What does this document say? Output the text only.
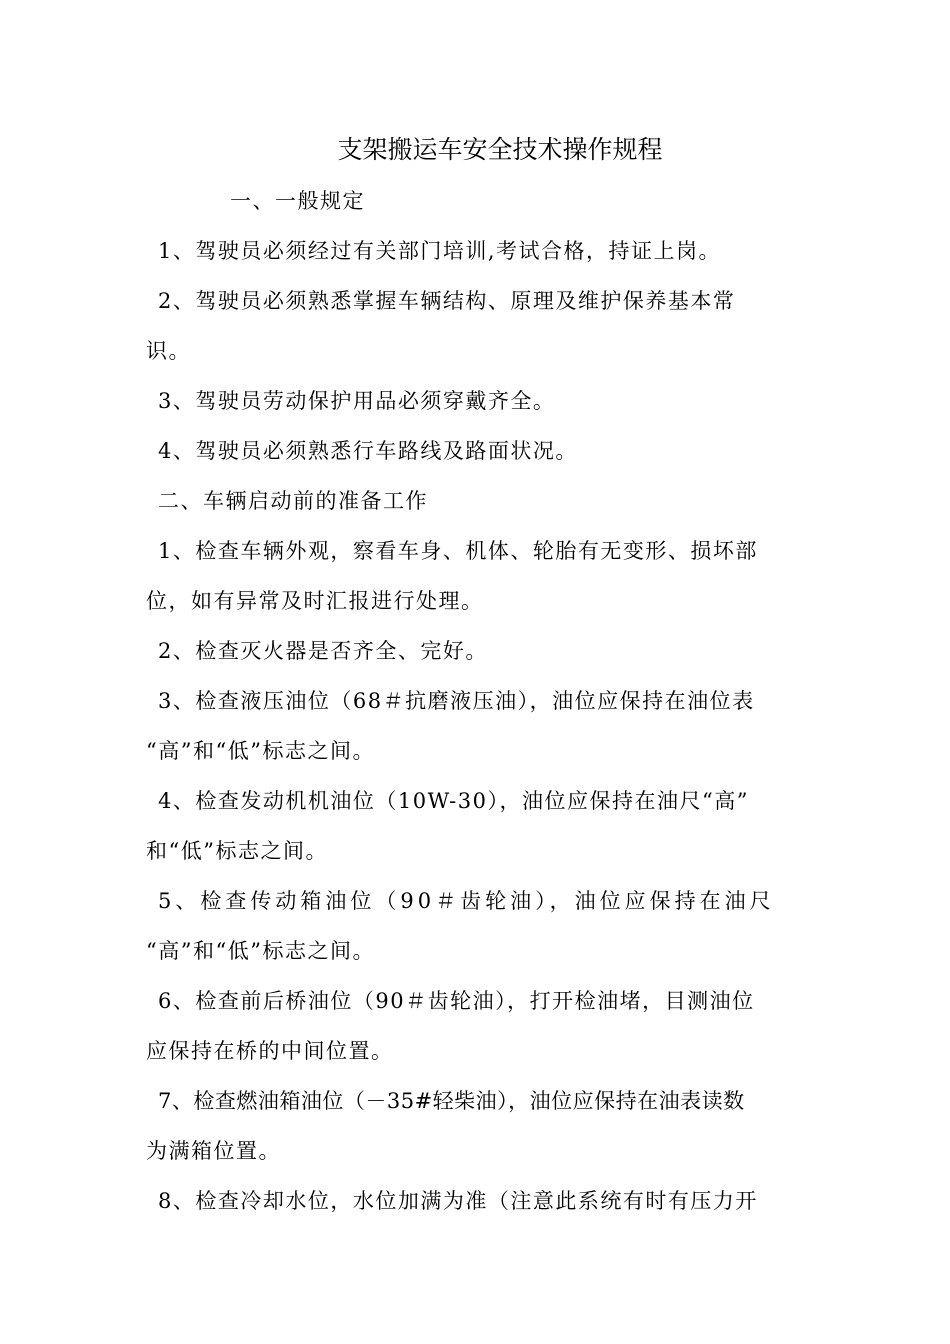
支架搬运车安全技术操作规程
一、一般规定
1、驾驶员必须经过有关部门培训,考试合格，持证上岗。
2、驾驶员必须熟悉掌握车辆结构、原理及维护保养基本常
识。
3、驾驶员劳动保护用品必须穿戴齐全。
4、驾驶员必须熟悉行车路线及路面状况。
二、车辆启动前的准备工作
1、检查车辆外观，察看车身、机体、轮胎有无变形、损坏部
位，如有异常及时汇报进行处理。
2、检查灭火器是否齐全、完好。
3、检查液压油位（68＃抗磨液压油），油位应保持在油位表
“高”和“低”标志之间。
4、检查发动机机油位（10W-30），油位应保持在油尺“高”
和“低”标志之间。
5、检查传动箱油位（90＃齿轮油），油位应保持在油尺
“高”和“低”标志之间。
6、检查前后桥油位（90＃齿轮油），打开检油堵，目测油位
应保持在桥的中间位置。
7、检查燃油箱油位（－35#轻柴油），油位应保持在油表读数
为满箱位置。
8、检查冷却水位，水位加满为准（注意此系统有时有压力开
